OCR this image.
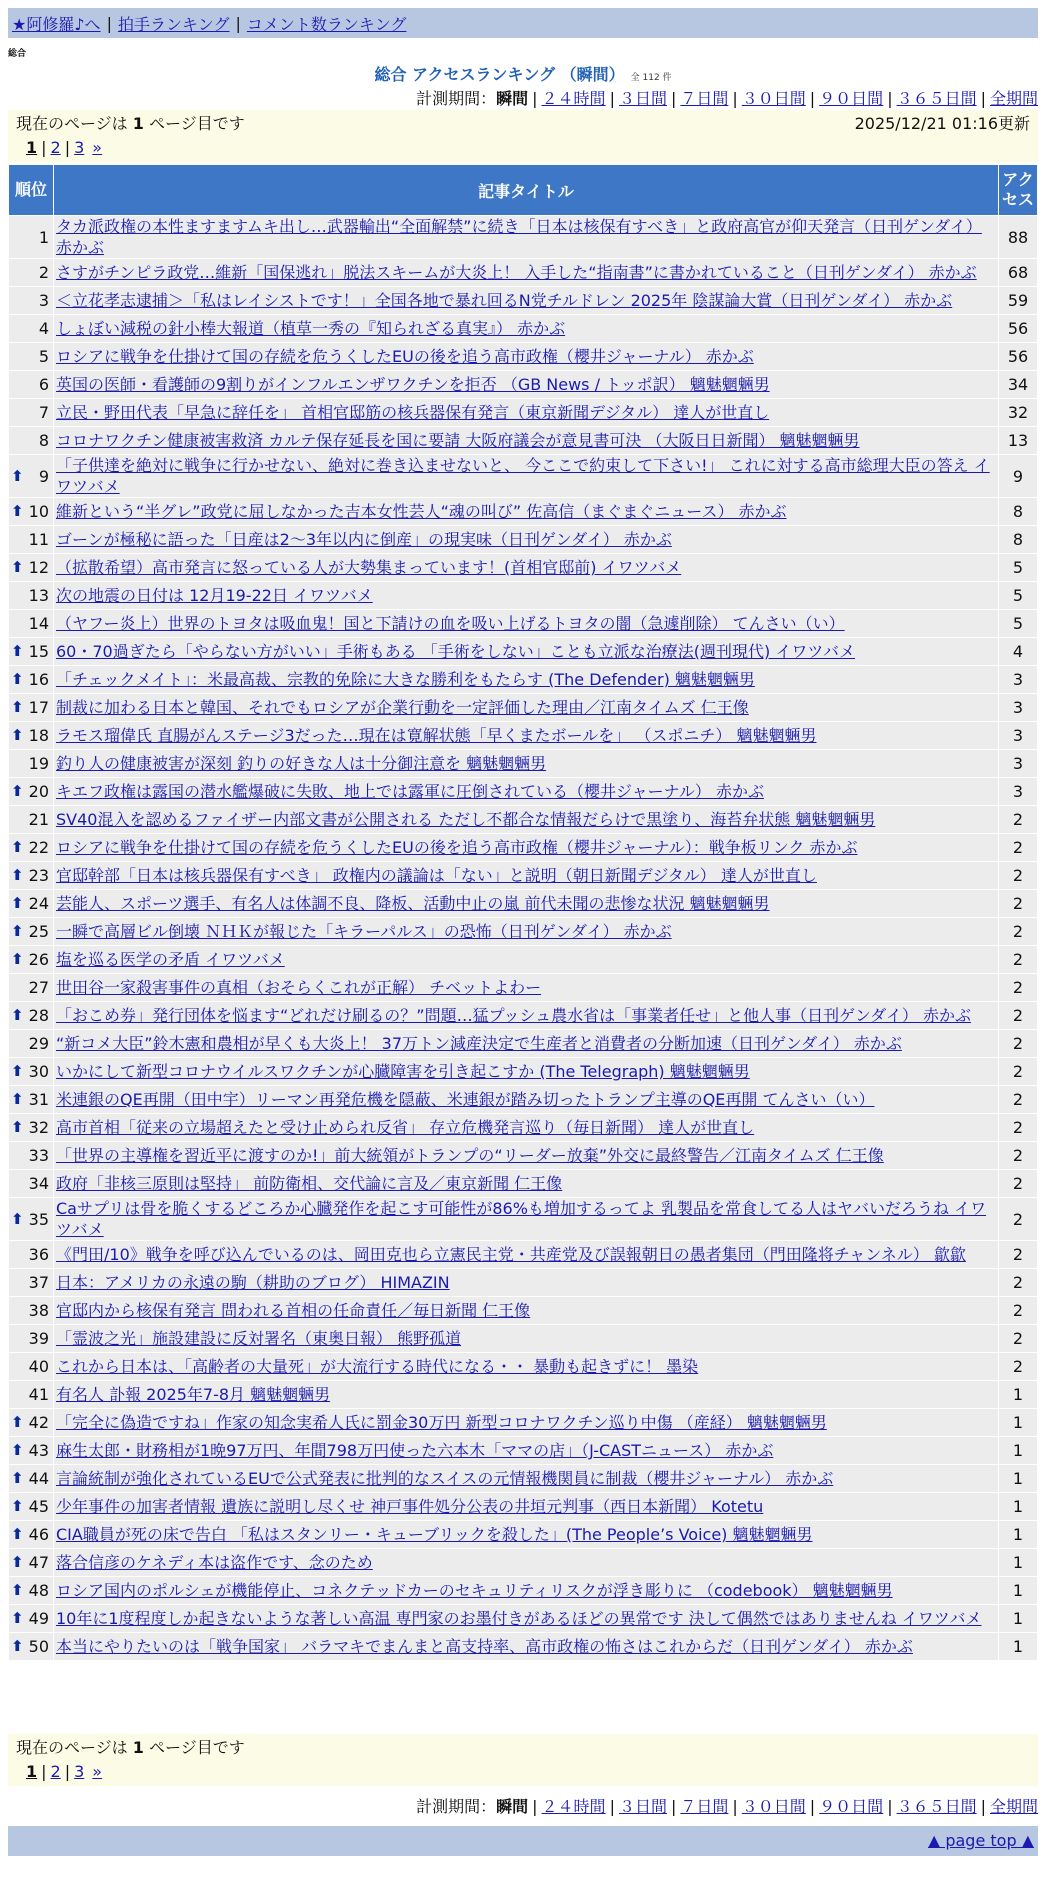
★阿修羅♪へ | 拍手ランキング | コメント数ランキング
総合
総合 アクセスランキング （瞬間） 全 112 件
計測期間：瞬間 | ２４時間 | ３日間 | ７日間 | ３０日間 | ９０日間 | ３６５日間 | 全期間
現在のページは 1 ページ目です	2025/12/21 01:16更新
1 | 2 | 3 »
順位	記事タイトル	アクセス
1	タカ派政権の本性ますますムキ出し…武器輸出“全面解禁”に続き「日本は核保有すべき」と政府高官が仰天発言（日刊ゲンダイ） 赤かぶ	88
2	さすがチンピラ政党…維新「国保逃れ」脱法スキームが大炎上！ 入手した“指南書”に書かれていること（日刊ゲンダイ） 赤かぶ	68
3	＜立花孝志逮捕＞「私はレイシストです！」全国各地で暴れ回るN党チルドレン 2025年 陰謀論大賞（日刊ゲンダイ） 赤かぶ	59
4	しょぼい減税の針小棒大報道（植草一秀の『知られざる真実』） 赤かぶ	56
5	ロシアに戦争を仕掛けて国の存続を危うくしたEUの後を追う高市政権（櫻井ジャーナル） 赤かぶ	56
6	英国の医師・看護師の9割りがインフルエンザワクチンを拒否 （GB News / トッポ訳） 魑魅魍魎男	34
7	立民・野田代表「早急に辞任を」 首相官邸筋の核兵器保有発言（東京新聞デジタル） 達人が世直し	32
8	コロナワクチン健康被害救済 カルテ保存延長を国に要請 大阪府議会が意見書可決 （大阪日日新聞） 魑魅魍魎男	13

⬆ 9	「子供達を絶対に戦争に行かせない、絶対に巻き込ませないと、 今ここで約束して下さい!」 これに対する高市総理大臣の答え イワツバメ	9

⬆ 10	維新という“半グレ”政党に屈しなかった吉本女性芸人“魂の叫び” 佐高信（まぐまぐニュース） 赤かぶ	8
11	ゴーンが極秘に語った「日産は2〜3年以内に倒産」の現実味（日刊ゲンダイ） 赤かぶ	8

⬆ 12	（拡散希望）高市発言に怒っている人が大勢集まっています！(首相官邸前) イワツバメ	5
13	次の地震の日付は 12月19-22日 イワツバメ	5
14	（ヤフー炎上）世界のトヨタは吸血鬼！国と下請けの血を吸い上げるトヨタの闇（急遽削除） てんさい（い）	5

⬆ 15	60・70過ぎたら「やらない方がいい」手術もある 「手術をしない」ことも立派な治療法(週刊現代) イワツバメ	4

⬆ 16	「チェックメイト」：米最高裁、宗教的免除に大きな勝利をもたらす (The Defender) 魑魅魍魎男	3

⬆ 17	制裁に加わる日本と韓国、それでもロシアが企業行動を一定評価した理由／江南タイムズ 仁王像	3

⬆ 18	ラモス瑠偉氏 直腸がんステージ3だった…現在は寛解状態「早くまたボールを」 （スポニチ） 魑魅魍魎男	3
19	釣り人の健康被害が深刻 釣りの好きな人は十分御注意を 魑魅魍魎男	3

⬆ 20	キエフ政権は露国の潜水艦爆破に失敗、地上では露軍に圧倒されている（櫻井ジャーナル） 赤かぶ	3
21	SV40混入を認めるファイザー内部文書が公開される ただし不都合な情報だらけで黒塗り、海苔弁状態 魑魅魍魎男	2

⬆ 22	ロシアに戦争を仕掛けて国の存続を危うくしたEUの後を追う高市政権（櫻井ジャーナル）：戦争板リンク 赤かぶ	2

⬆ 23	官邸幹部「日本は核兵器保有すべき」 政権内の議論は「ない」と説明（朝日新聞デジタル） 達人が世直し	2

⬆ 24	芸能人、スポーツ選手、有名人は体調不良、降板、活動中止の嵐 前代未聞の悲惨な状況 魑魅魍魎男	2

⬆ 25	一瞬で高層ビル倒壊 ＮＨＫが報じた「キラーパルス」の恐怖（日刊ゲンダイ） 赤かぶ	2

⬆ 26	塩を巡る医学の矛盾 イワツバメ	2
27	世田谷一家殺害事件の真相（おそらくこれが正解） チベットよわー	2

⬆ 28	「おこめ券」発行団体を悩ます“どれだけ刷るの？”問題…猛プッシュ農水省は「事業者任せ」と他人事（日刊ゲンダイ） 赤かぶ	2
29	“新コメ大臣”鈴木憲和農相が早くも大炎上！ 37万トン減産決定で生産者と消費者の分断加速（日刊ゲンダイ） 赤かぶ	2

⬆ 30	いかにして新型コロナウイルスワクチンが心臓障害を引き起こすか (The Telegraph) 魑魅魍魎男	2

⬆ 31	米連銀のQE再開（田中宇）リーマン再発危機を隠蔽、米連銀が踏み切ったトランプ主導のQE再開 てんさい（い）	2

⬆ 32	高市首相「従来の立場超えたと受け止められ反省」 存立危機発言巡り（毎日新聞） 達人が世直し	2
33	「世界の主導権を習近平に渡すのか!」前大統領がトランプの“リーダー放棄”外交に最終警告／江南タイムズ 仁王像	2
34	政府「非核三原則は堅持」 前防衛相、交代論に言及／東京新聞 仁王像	2

⬆ 35	Caサプリは骨を脆くするどころか心臓発作を起こす可能性が86%も増加するってよ 乳製品を常食してる人はヤバいだろうね イワツバメ	2
36	《門田/10》戦争を呼び込んでいるのは、岡田克也ら立憲民主党・共産党及び誤報朝日の愚者集団（門田隆将チャンネル） 歙歙	2
37	日本：アメリカの永遠の駒（耕助のブログ） HIMAZIN	2
38	官邸内から核保有発言 問われる首相の任命責任／毎日新聞 仁王像	2
39	「霊波之光」施設建設に反対署名（東奥日報） 熊野孤道	2
40	これから日本は、「高齢者の大量死」が大流行する時代になる・・ 暴動も起きずに！ 墨染	2
41	有名人 訃報 2025年7-8月 魑魅魍魎男	1

⬆ 42	「完全に偽造ですね」作家の知念実希人氏に罰金30万円 新型コロナワクチン巡り中傷 （産経） 魑魅魍魎男	1

⬆ 43	麻生太郎・財務相が1晩97万円、年間798万円使った六本木「ママの店」（J-CASTニュース） 赤かぶ	1

⬆ 44	言論統制が強化されているEUで公式発表に批判的なスイスの元情報機関員に制裁（櫻井ジャーナル） 赤かぶ	1

⬆ 45	少年事件の加害者情報 遺族に説明し尽くせ 神戸事件処分公表の井垣元判事（西日本新聞） Kotetu	1

⬆ 46	CIA職員が死の床で告白 「私はスタンリー・キューブリックを殺した」(The People’s Voice) 魑魅魍魎男	1

⬆ 47	落合信彦のケネディ本は盗作です、念のため	1

⬆ 48	ロシア国内のポルシェが機能停止、コネクテッドカーのセキュリティリスクが浮き彫りに （codebook） 魑魅魍魎男	1

⬆ 49	10年に1度程度しか起きないような著しい高温 専門家のお墨付きがあるほどの異常です 決して偶然ではありませんね イワツバメ	1

⬆ 50	本当にやりたいのは「戦争国家」 バラマキでまんまと高支持率、高市政権の怖さはこれからだ（日刊ゲンダイ） 赤かぶ	1
現在のページは 1 ページ目です
1 | 2 | 3 »
計測期間：瞬間 | ２４時間 | ３日間 | ７日間 | ３０日間 | ９０日間 | ３６５日間 | 全期間
▲ page top ▲
